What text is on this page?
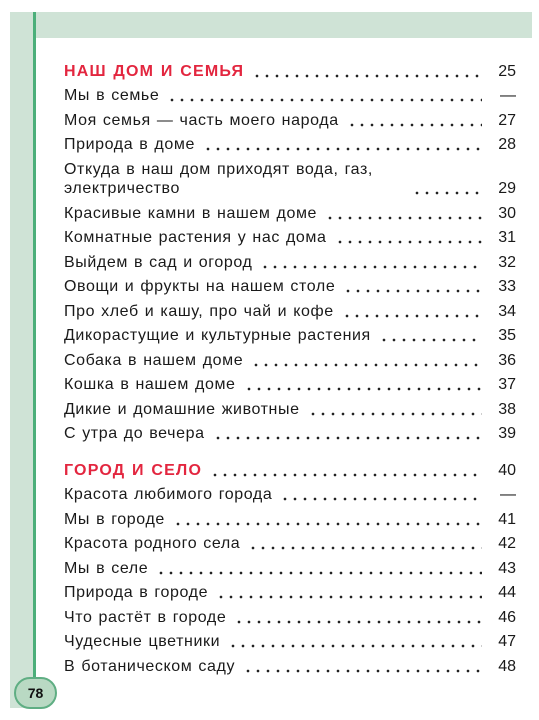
НАШ ДОМ И СЕМЬЯ	25
Мы в семье	—
Моя семья — часть моего народа	27
Природа в доме	28
Откуда в наш дом приходят вода, газ, электричество	29
Красивые камни в нашем доме	30
Комнатные растения у нас дома	31
Выйдем в сад и огород	32
Овощи и фрукты на нашем столе	33
Про хлеб и кашу, про чай и кофе	34
Дикорастущие и культурные растения	35
Собака в нашем доме	36
Кошка в нашем доме	37
Дикие и домашние животные	38
С утра до вечера	39
ГОРОД И СЕЛО	40
Красота любимого города	—
Мы в городе	41
Красота родного села	42
Мы в селе	43
Природа в городе	44
Что растёт в городе	46
Чудесные цветники	47
В ботаническом саду	48
78
